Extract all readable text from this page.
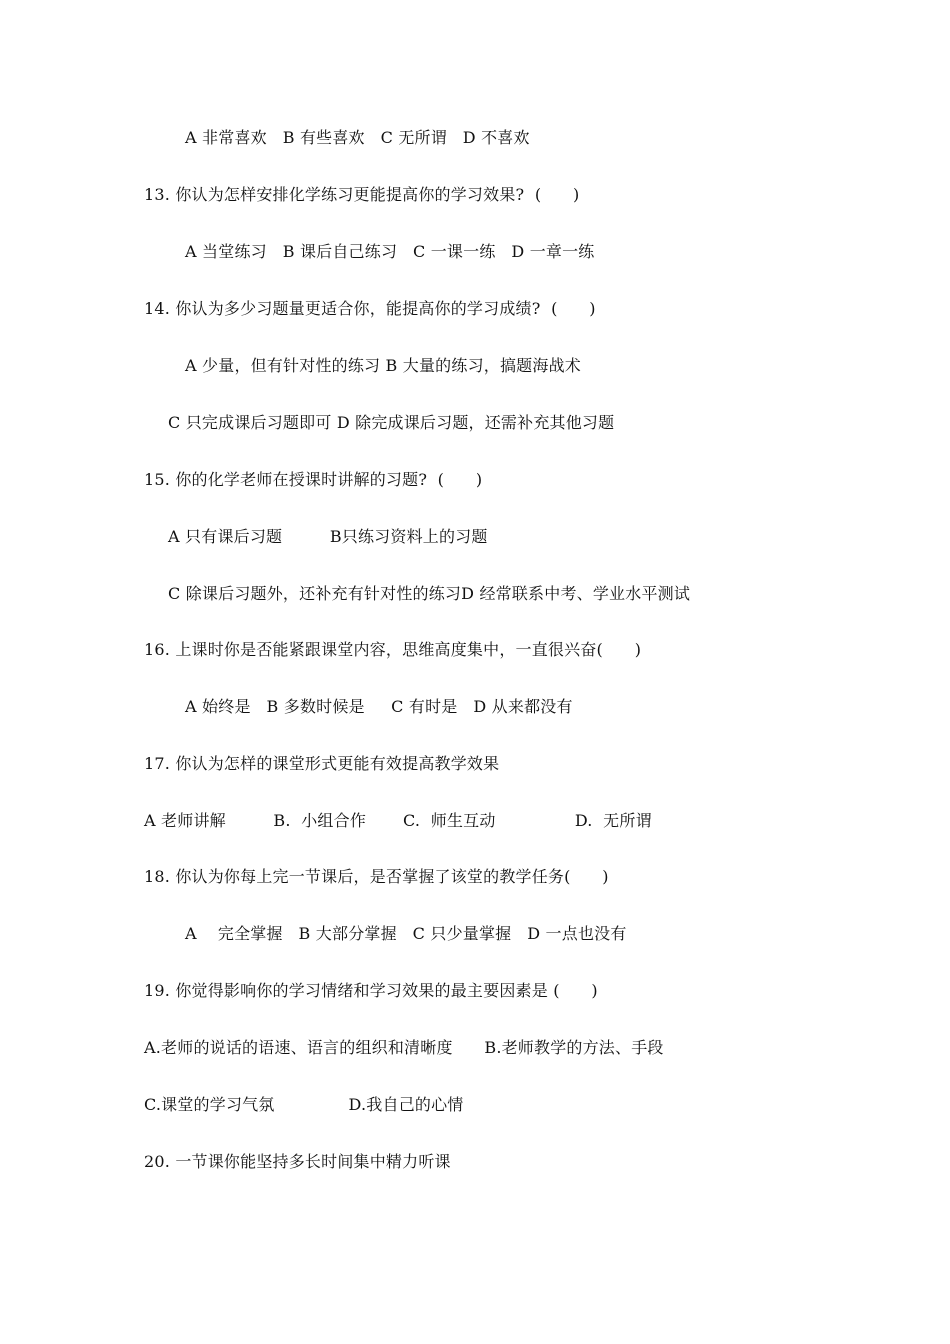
A 非常喜欢   B 有些喜欢   C 无所谓   D 不喜欢
13. 你认为怎样安排化学练习更能提高你的学习效果?  (      )
A 当堂练习   B 课后自己练习   C 一课一练   D 一章一练
14. 你认为多少习题量更适合你，能提高你的学习成绩?  (      )
A 少量，但有针对性的练习 B 大量的练习，搞题海战术
C 只完成课后习题即可 D 除完成课后习题，还需补充其他习题
15. 你的化学老师在授课时讲解的习题?  (      )
A 只有课后习题         B只练习资料上的习题
C 除课后习题外，还补充有针对性的练习D 经常联系中考、学业水平测试
16. 上课时你是否能紧跟课堂内容，思维高度集中，一直很兴奋(      )
A 始终是   B 多数时候是     C 有时是   D 从来都没有
17. 你认为怎样的课堂形式更能有效提高教学效果
A 老师讲解         B.  小组合作       C.  师生互动               D.  无所谓
18. 你认为你每上完一节课后，是否掌握了该堂的教学任务(      )
A    完全掌握   B 大部分掌握   C 只少量掌握   D 一点也没有
19. 你觉得影响你的学习情绪和学习效果的最主要因素是 (      )
A.老师的说话的语速、语言的组织和清晰度      B.老师教学的方法、手段
C.课堂的学习气氛              D.我自己的心情
20. 一节课你能坚持多长时间集中精力听课
